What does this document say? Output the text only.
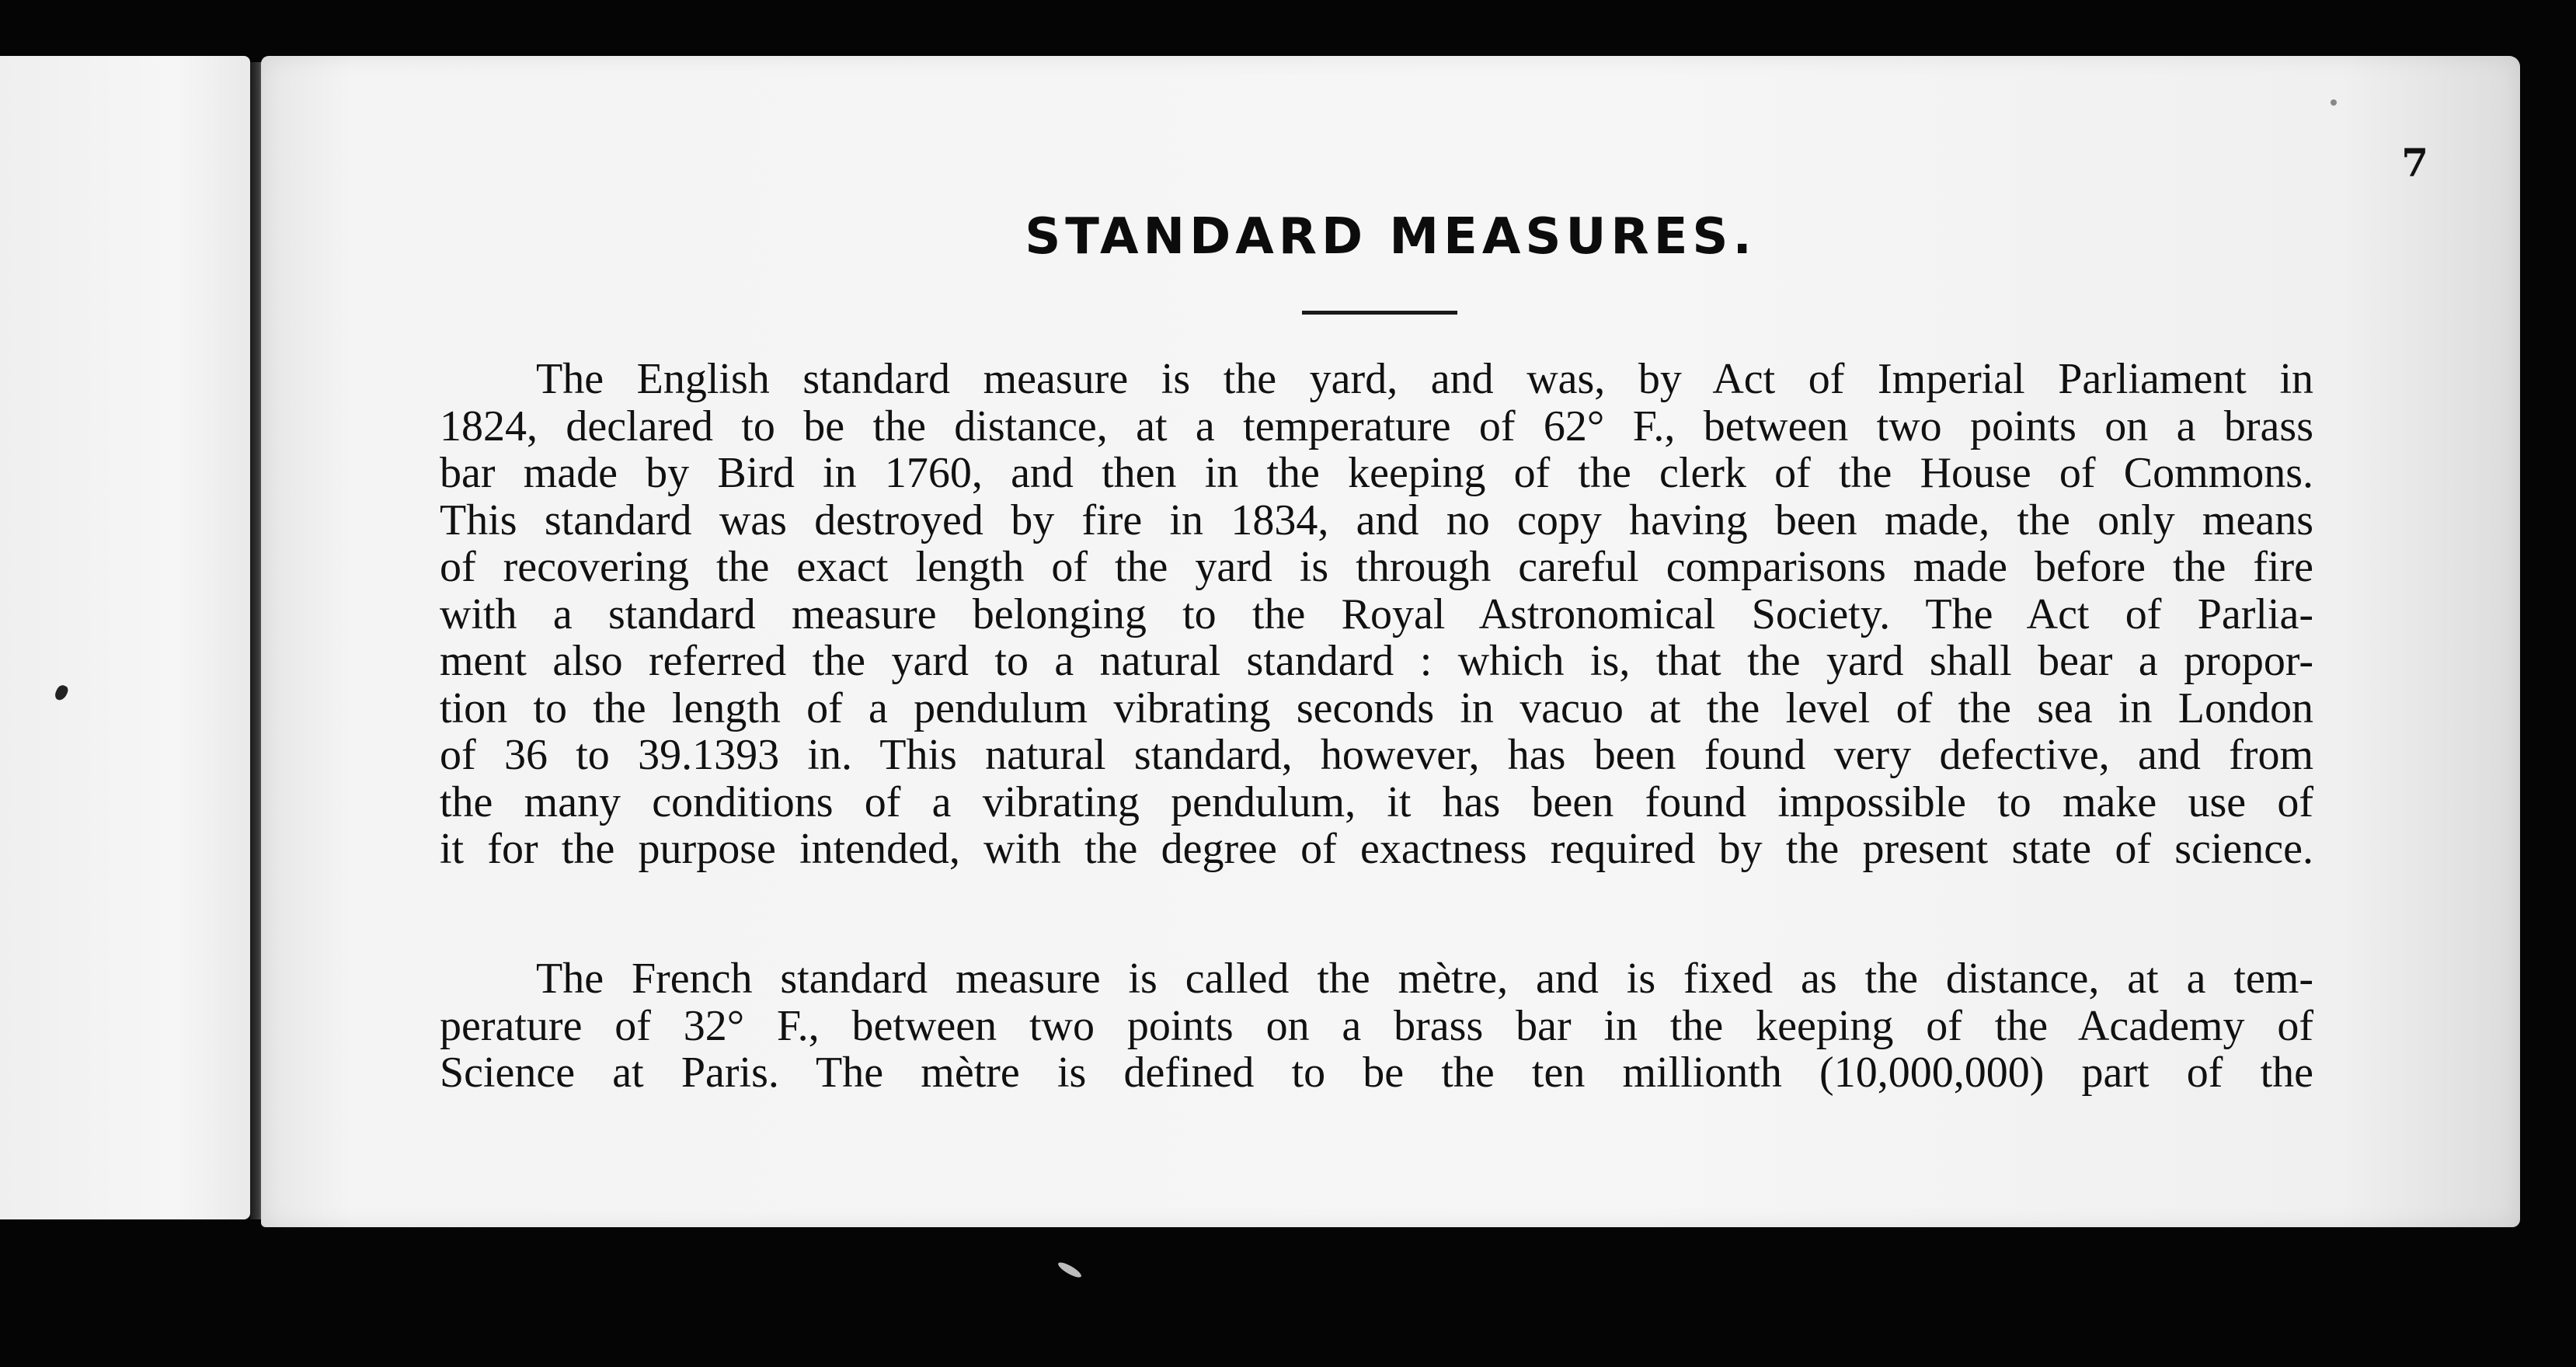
7
STANDARD MEASURES.
The English standard measure is the yard, and was, by Act of Imperial Parliament in
1824, declared to be the distance, at a temperature of 62° F., between two points on a brass
bar made by Bird in 1760, and then in the keeping of the clerk of the House of Commons.
This standard was destroyed by fire in 1834, and no copy having been made, the only means
of recovering the exact length of the yard is through careful comparisons made before the fire
with a standard measure belonging to the Royal Astronomical Society. The Act of Parlia-
ment also referred the yard to a natural standard : which is, that the yard shall bear a propor-
tion to the length of a pendulum vibrating seconds in vacuo at the level of the sea in London
of 36 to 39.1393 in. This natural standard, however, has been found very defective, and from
the many conditions of a vibrating pendulum, it has been found impossible to make use of
it for the purpose intended, with the degree of exactness required by the present state of science.
The French standard measure is called the mètre, and is fixed as the distance, at a tem-
perature of 32° F., between two points on a brass bar in the keeping of the Academy of
Science at Paris. The mètre is defined to be the ten millionth (10,000,000) part of the
